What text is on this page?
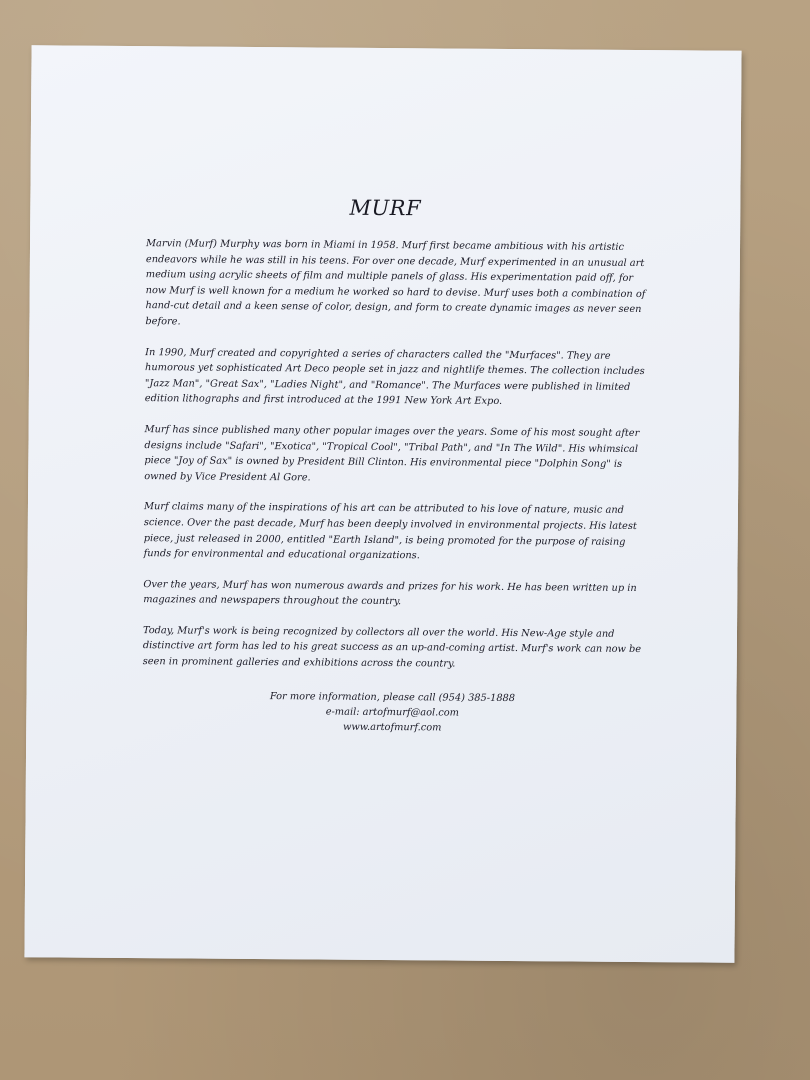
MURF

Marvin (Murf) Murphy was born in Miami in 1958. Murf first became ambitious with his artistic endeavors while he was still in his teens. For over one decade, Murf experimented in an unusual art medium using acrylic sheets of film and multiple panels of glass. His experimentation paid off, for now Murf is well known for a medium he worked so hard to devise. Murf uses both a combination of hand-cut detail and a keen sense of color, design, and form to create dynamic images as never seen before.

In 1990, Murf created and copyrighted a series of characters called the "Murfaces". They are humorous yet sophisticated Art Deco people set in jazz and nightlife themes. The collection includes "Jazz Man", "Great Sax", "Ladies Night", and "Romance". The Murfaces were published in limited edition lithographs and first introduced at the 1991 New York Art Expo.

Murf has since published many other popular images over the years. Some of his most sought after designs include "Safari", "Exotica", "Tropical Cool", "Tribal Path", and "In The Wild". His whimsical piece "Joy of Sax" is owned by President Bill Clinton. His environmental piece "Dolphin Song" is owned by Vice President Al Gore.

Murf claims many of the inspirations of his art can be attributed to his love of nature, music and science. Over the past decade, Murf has been deeply involved in environmental projects. His latest piece, just released in 2000, entitled "Earth Island", is being promoted for the purpose of raising funds for environmental and educational organizations.

Over the years, Murf has won numerous awards and prizes for his work. He has been written up in magazines and newspapers throughout the country.

Today, Murf's work is being recognized by collectors all over the world. His New-Age style and distinctive art form has led to his great success as an up-and-coming artist. Murf's work can now be seen in prominent galleries and exhibitions across the country.

For more information, please call (954) 385-1888
e-mail: artofmurf@aol.com
www.artofmurf.com
